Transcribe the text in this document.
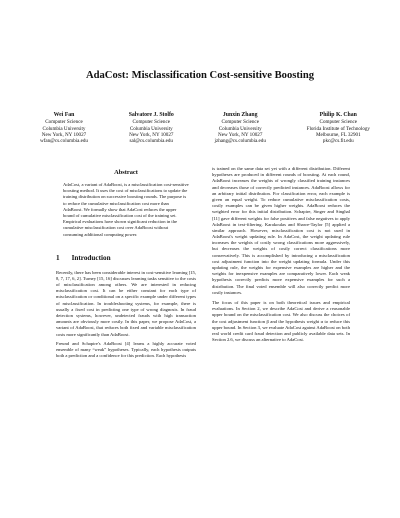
AdaCost: Misclassification Cost-sensitive Boosting
Wei Fan
Computer Science
Columbia University
New York, NY 10027
wfan@cs.columbia.edu
Salvatore J. Stolfo
Computer Science
Columbia University
New York, NY 10027
sal@cs.columbia.edu
Junxin Zhang
Computer Science
Columbia University
New York, NY 10027
jzhang@cs.columbia.edu
Philip K. Chan
Computer Science
Florida Institute of Technology
Melbourne, FL 32901
pkc@cs.fit.edu
Abstract

AdaCost, a variant of AdaBoost, is a misclassification cost-sensitive boosting method. It uses the cost of misclassifications to update the training distribution on successive boosting rounds. The purpose is to reduce the cumulative misclassification cost more than AdaBoost. We formally show that AdaCost reduces the upper bound of cumulative misclassification cost of the training set. Empirical evaluations have shown significant reduction in the cumulative misclassification cost over AdaBoost without consuming additional computing power.

1 Introduction

Recently, there has been considerable interest in cost-sensitive learning [15, 8, 7, 17, 6, 2]. Turney [15, 16] discusses learning tasks sensitive to the costs of misclassification among others. We are interested in reducing misclassification cost. It can be either constant for each type of misclassification or conditional on a specific example under different types of misclassification. In troubleshooting systems, for example, there is usually a fixed cost in predicting one type of wrong diagnosis. In fraud detection systems, however, undetected frauds with high transaction amounts are obviously more costly. In this paper, we propose AdaCost, a variant of AdaBoost, that reduces both fixed and variable misclassification costs more significantly than AdaBoost.

Freund and Schapire's AdaBoost [4] learns a highly accurate voted ensemble of many “weak” hypotheses. Typically, each hypothesis outputs both a prediction and a confidence for this prediction. Each hypothesis

is trained on the same data set yet with a different distribution. Different hypotheses are produced in different rounds of boosting. At each round, AdaBoost increases the weights of wrongly classified training instances and decreases those of correctly predicted instances. AdaBoost allows for an arbitrary initial distribution. For classification error, each example is given an equal weight. To reduce cumulative misclassification costs, costly examples can be given higher weights. AdaBoost reduces the weighted error for this initial distribution. Schapire, Singer and Singhal [11] gave different weights for false positives and false negatives to apply AdaBoost in text-filtering. Karakoulas and Shawe-Taylor [5] applied a similar approach. However, misclassification cost is not used in AdaBoost's weight updating rule. In AdaCost, the weight updating rule increases the weights of costly wrong classifications more aggressively, but decreases the weights of costly correct classifications more conservatively. This is accomplished by introducing a misclassification cost adjustment function into the weight updating formula. Under this updating rule, the weights for expensive examples are higher and the weights for inexpensive examples are comparatively lower. Each weak hypothesis correctly predicts more expensive examples for such a distribution. The final voted ensemble will also correctly predict more costly instances.

The focus of this paper is on both theoretical issues and empirical evaluations. In Section 2, we describe AdaCost and derive a reasonable upper bound on the misclassification cost. We also discuss the choices of the cost adjustment function β and the hypothesis weight α to reduce this upper bound. In Section 3, we evaluate AdaCost against AdaBoost on both real world credit card fraud detection and publicly available data sets. In Section 2.6, we discuss an alternative to AdaCost.
